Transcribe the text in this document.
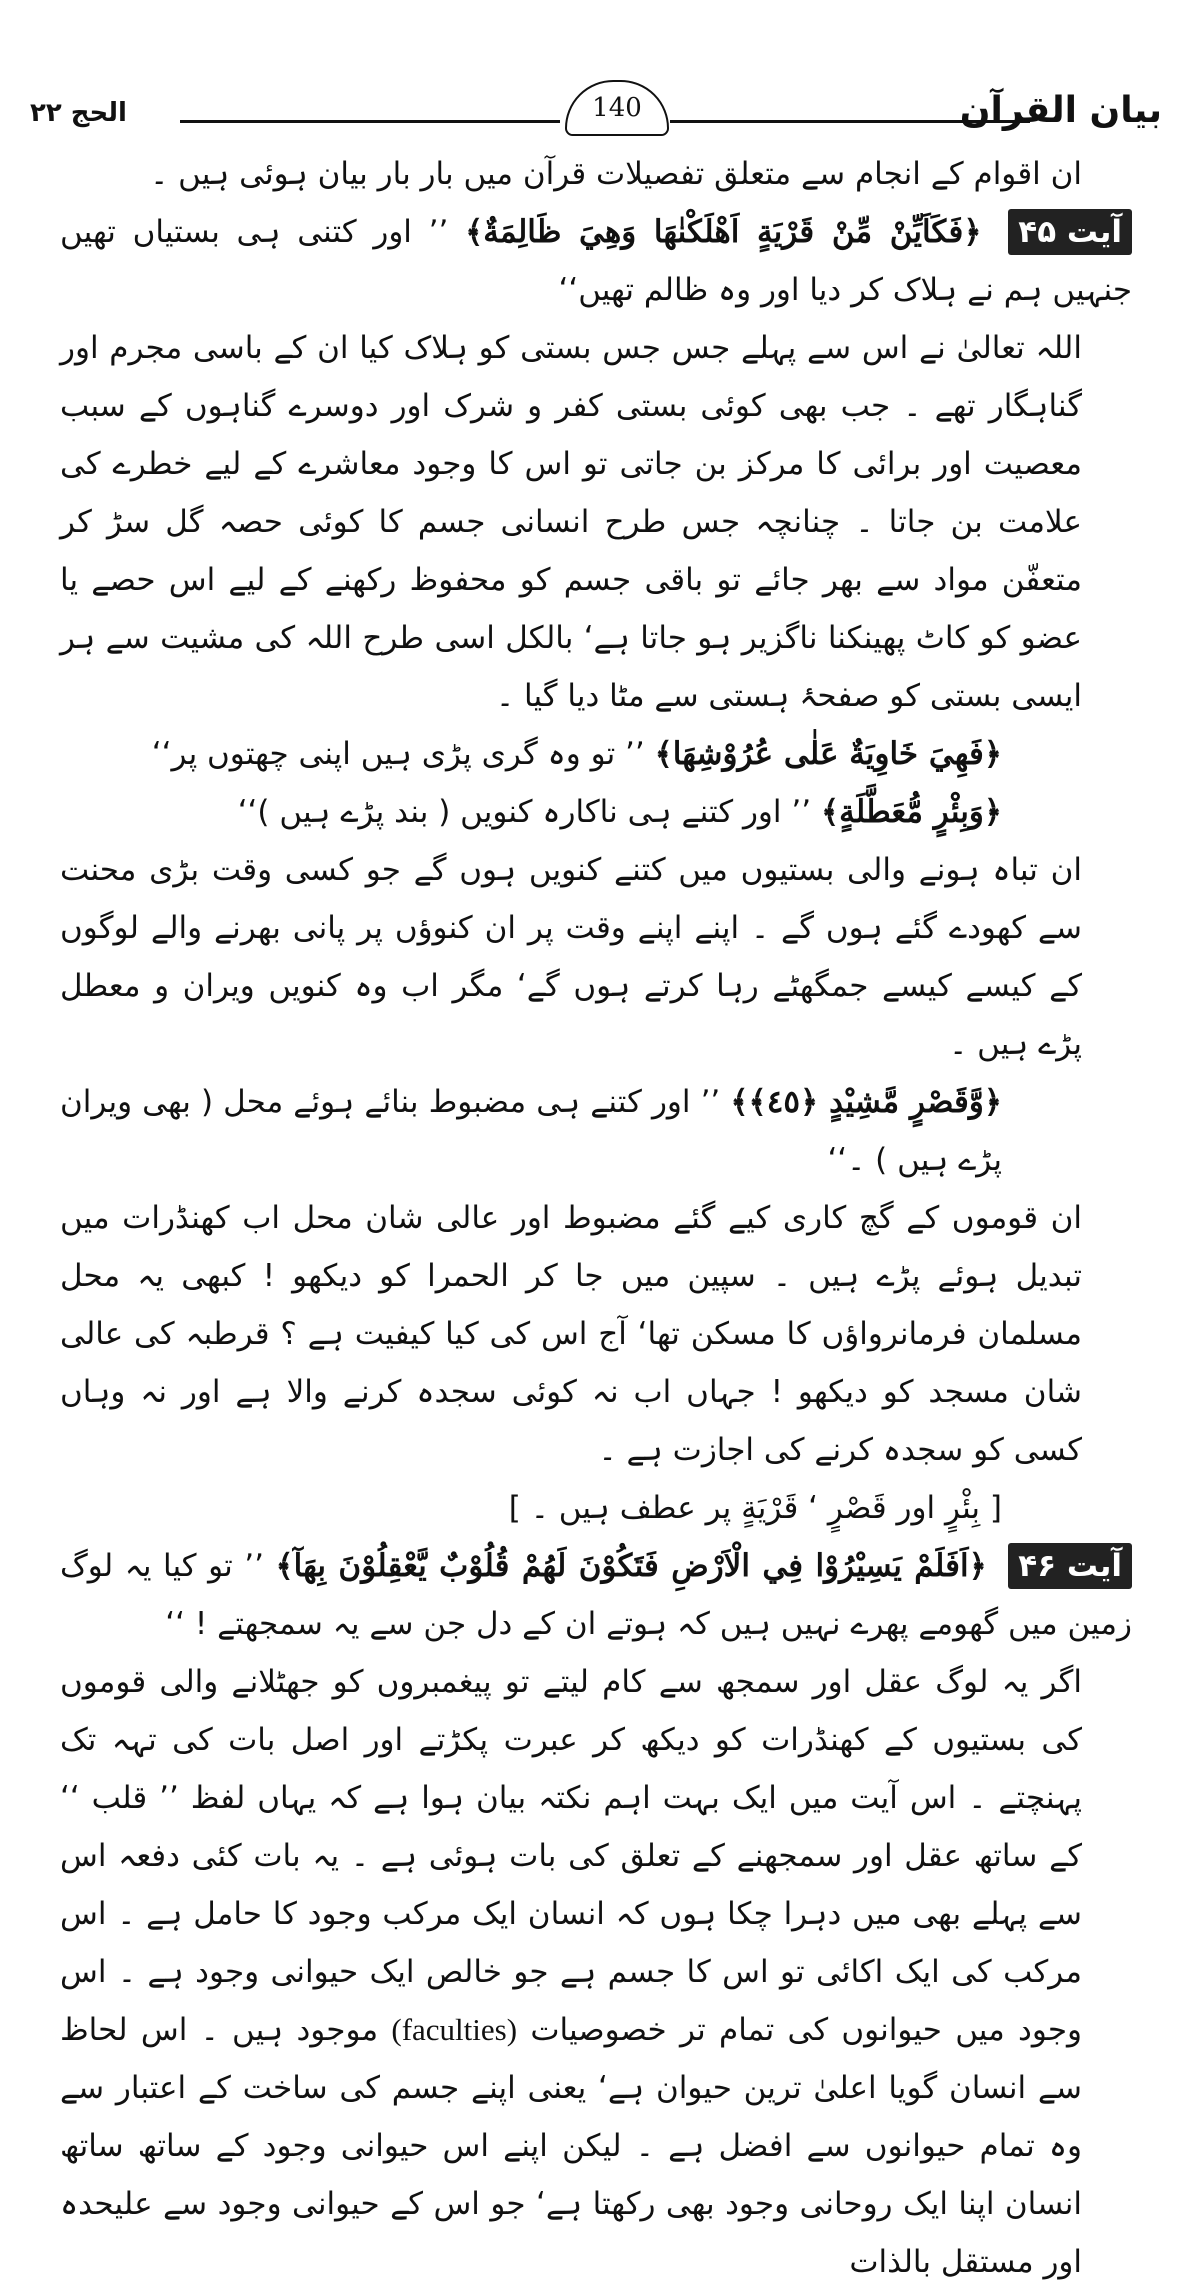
بیان القرآن
140
الحج ۲۲

ان اقوام کے انجام سے متعلق تفصیلات قرآن میں بار بار بیان ہوئی ہیں ۔

آیت ۴۵ ﴿فَكَاَيِّنْ مِّنْ قَرْيَةٍ اَهْلَكْنٰهَا وَهِيَ ظَالِمَةٌ﴾ ’’ اور کتنی ہی بستیاں تھیں جنہیں ہم نے ہلاک کر دیا اور وہ ظالم تھیں‘‘

اللہ تعالیٰ نے اس سے پہلے جس جس بستی کو ہلاک کیا ان کے باسی مجرم اور گناہگار تھے ۔ جب بھی کوئی بستی کفر و شرک اور دوسرے گناہوں کے سبب معصیت اور برائی کا مرکز بن جاتی تو اس کا وجود معاشرے کے لیے خطرے کی علامت بن جاتا ۔ چنانچہ جس طرح انسانی جسم کا کوئی حصہ گل سڑ کر متعفّن مواد سے بھر جائے تو باقی جسم کو محفوظ رکھنے کے لیے اس حصے یا عضو کو کاٹ پھینکنا ناگزیر ہو جاتا ہے‘ بالکل اسی طرح اللہ کی مشیت سے ہر ایسی بستی کو صفحۂ ہستی سے مٹا دیا گیا ۔

﴿فَهِيَ خَاوِيَةٌ عَلٰى عُرُوْشِهَا﴾ ’’ تو وہ گری پڑی ہیں اپنی چھتوں پر‘‘

﴿وَبِئْرٍ مُّعَطَّلَةٍ﴾ ’’ اور کتنے ہی ناکارہ کنویں ( بند پڑے ہیں )‘‘

ان تباہ ہونے والی بستیوں میں کتنے کنویں ہوں گے جو کسی وقت بڑی محنت سے کھودے گئے ہوں گے ۔ اپنے اپنے وقت پر ان کنوؤں پر پانی بھرنے والے لوگوں کے کیسے کیسے جمگھٹے رہا کرتے ہوں گے‘ مگر اب وہ کنویں ویران و معطل پڑے ہیں ۔

﴿وَّقَصْرٍ مَّشِيْدٍ ﴿٤٥﴾﴾ ’’ اور کتنے ہی مضبوط بنائے ہوئے محل ( بھی ویران پڑے ہیں ) ۔‘‘

ان قوموں کے گچ کاری کیے گئے مضبوط اور عالی شان محل اب کھنڈرات میں تبدیل ہوئے پڑے ہیں ۔ سپین میں جا کر الحمرا کو دیکھو ! کبھی یہ محل مسلمان فرمانرواؤں کا مسکن تھا‘ آج اس کی کیا کیفیت ہے ؟ قرطبہ کی عالی شان مسجد کو دیکھو ! جہاں اب نہ کوئی سجدہ کرنے والا ہے اور نہ وہاں کسی کو سجدہ کرنے کی اجازت ہے ۔

[ بِئْرٍ اور قَصْرٍ ‘ قَرْيَةٍ پر عطف ہیں ۔ ]

آیت ۴۶ ﴿اَفَلَمْ يَسِيْرُوْا فِي الْاَرْضِ فَتَكُوْنَ لَهُمْ قُلُوْبٌ يَّعْقِلُوْنَ بِهَآ﴾ ’’ تو کیا یہ لوگ زمین میں گھومے پھرے نہیں ہیں کہ ہوتے ان کے دل جن سے یہ سمجھتے ! ‘‘

اگر یہ لوگ عقل اور سمجھ سے کام لیتے تو پیغمبروں کو جھٹلانے والی قوموں کی بستیوں کے کھنڈرات کو دیکھ کر عبرت پکڑتے اور اصل بات کی تہہ تک پہنچتے ۔ اس آیت میں ایک بہت اہم نکتہ بیان ہوا ہے کہ یہاں لفظ ’’ قلب ‘‘ کے ساتھ عقل اور سمجھنے کے تعلق کی بات ہوئی ہے ۔ یہ بات کئی دفعہ اس سے پہلے بھی میں دہرا چکا ہوں کہ انسان ایک مرکب وجود کا حامل ہے ۔ اس مرکب کی ایک اکائی تو اس کا جسم ہے جو خالص ایک حیوانی وجود ہے ۔ اس وجود میں حیوانوں کی تمام تر خصوصیات (faculties) موجود ہیں ۔ اس لحاظ سے انسان گویا اعلیٰ ترین حیوان ہے‘ یعنی اپنے جسم کی ساخت کے اعتبار سے وہ تمام حیوانوں سے افضل ہے ۔ لیکن اپنے اس حیوانی وجود کے ساتھ ساتھ انسان اپنا ایک روحانی وجود بھی رکھتا ہے‘ جو اس کے حیوانی وجود سے علیحدہ اور مستقل بالذات
